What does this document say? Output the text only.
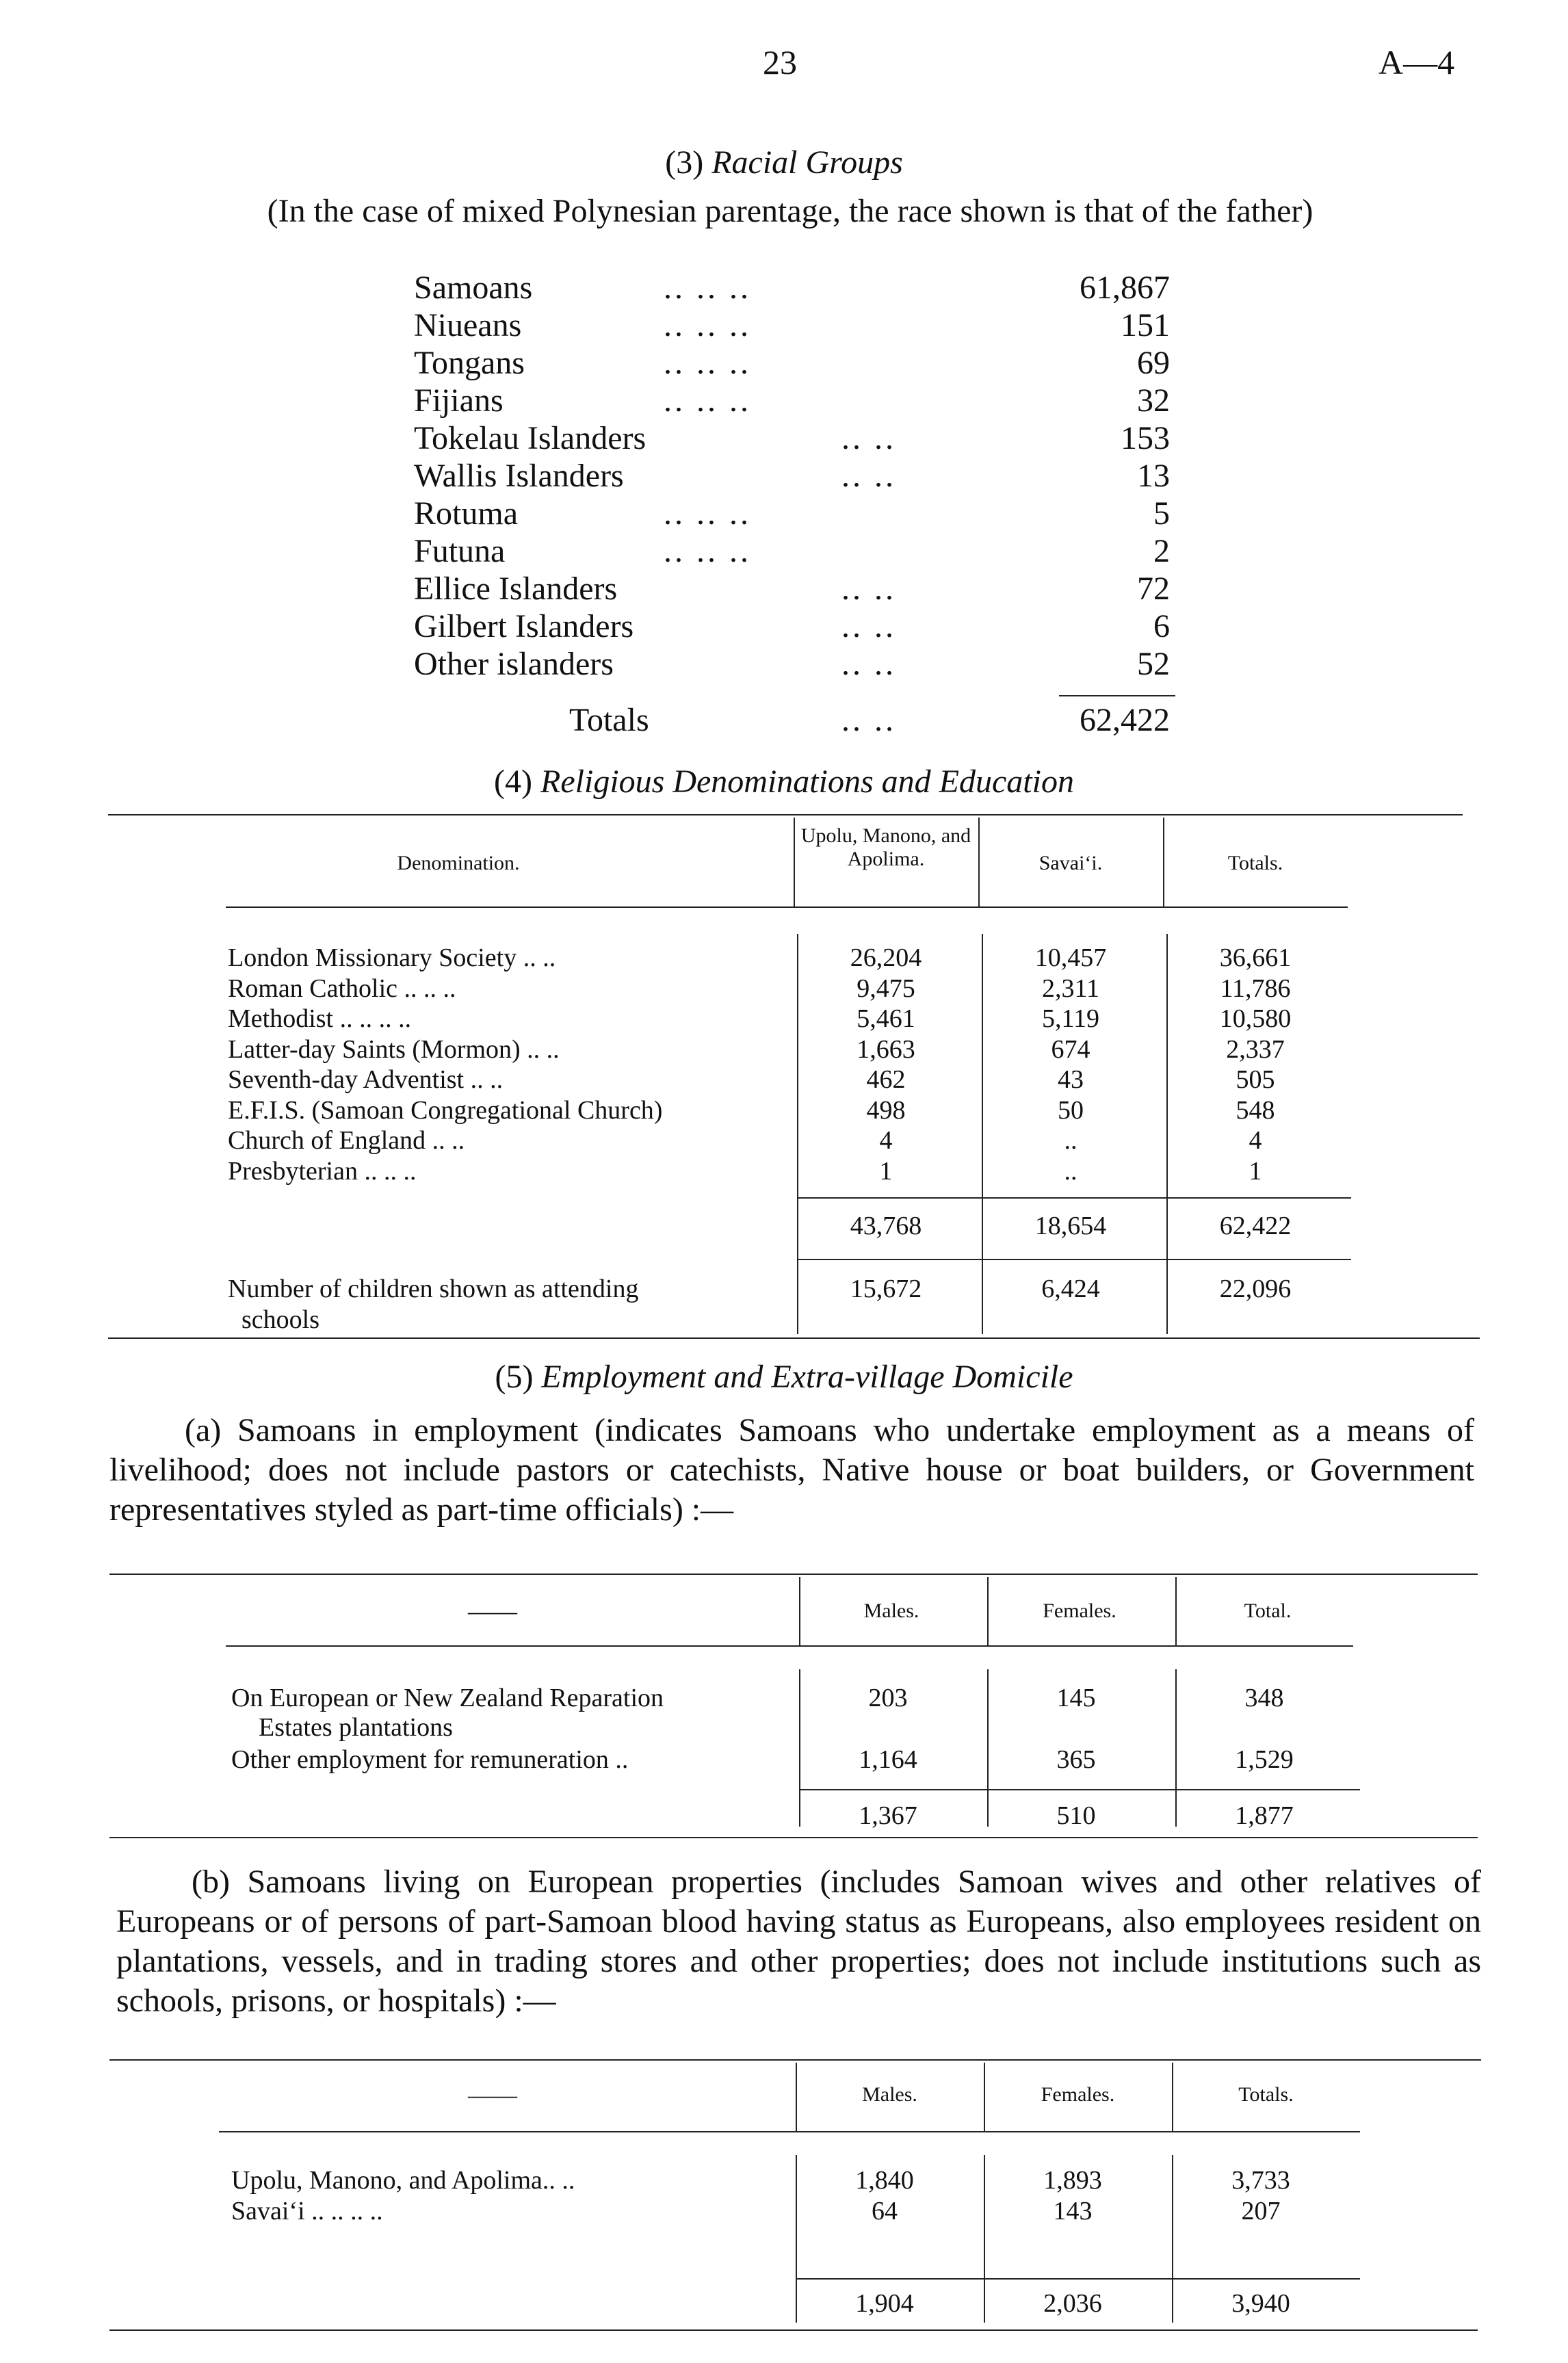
23	A—4
(3) Racial Groups
(In the case of mixed Polynesian parentage, the race shown is that of the father)
Samoans	.. .. ..	61,867
Niueans	.. .. ..	151
Tongans	.. .. ..	69
Fijians	.. .. ..	32
Tokelau Islanders	.. ..	153
Wallis Islanders	.. ..	13
Rotuma	.. .. ..	5
Futuna	.. .. ..	2
Ellice Islanders	.. ..	72
Gilbert Islanders	.. ..	6
Other islanders	.. ..	52
Totals	.. ..	62,422
(4) Religious Denominations and Education
Denomination.
Upolu, Manono, and Apolima.	Savai‘i.	Totals.
London Missionary Society .. ..	26,204	10,457	36,661
Roman Catholic .. .. ..	9,475	2,311	11,786
Methodist .. .. .. ..	5,461	5,119	10,580
Latter-day Saints (Mormon) .. ..	1,663	674	2,337
Seventh-day Adventist .. ..	462	43	505
E.F.I.S. (Samoan Congregational Church)	498	50	548
Church of England .. ..	4	..	4
Presbyterian .. .. ..	1	..	1
43,768	18,654	62,422
Number of children shown as attending
schools
15,672	6,424	22,096
(5) Employment and Extra-village Domicile
(a) Samoans in employment (indicates Samoans who undertake employment as a means of livelihood; does not include pastors or catechists, Native house or boat builders, or Government representatives styled as part-time officials) :—
——	Males.	Females.	Total.
On European or New Zealand Reparation
Estates plantations
203	145	348
Other employment for remuneration ..	1,164	365	1,529
1,367	510	1,877
(b) Samoans living on European properties (includes Samoan wives and other relatives of Europeans or of persons of part-Samoan blood having status as Europeans, also employees resident on plantations, vessels, and in trading stores and other properties; does not include institutions such as schools, prisons, or hospitals) :—
——	Males.	Females.	Totals.
Upolu, Manono, and Apolima.. ..	1,840	1,893	3,733
Savai‘i .. .. .. ..	64	143	207
1,904	2,036	3,940
